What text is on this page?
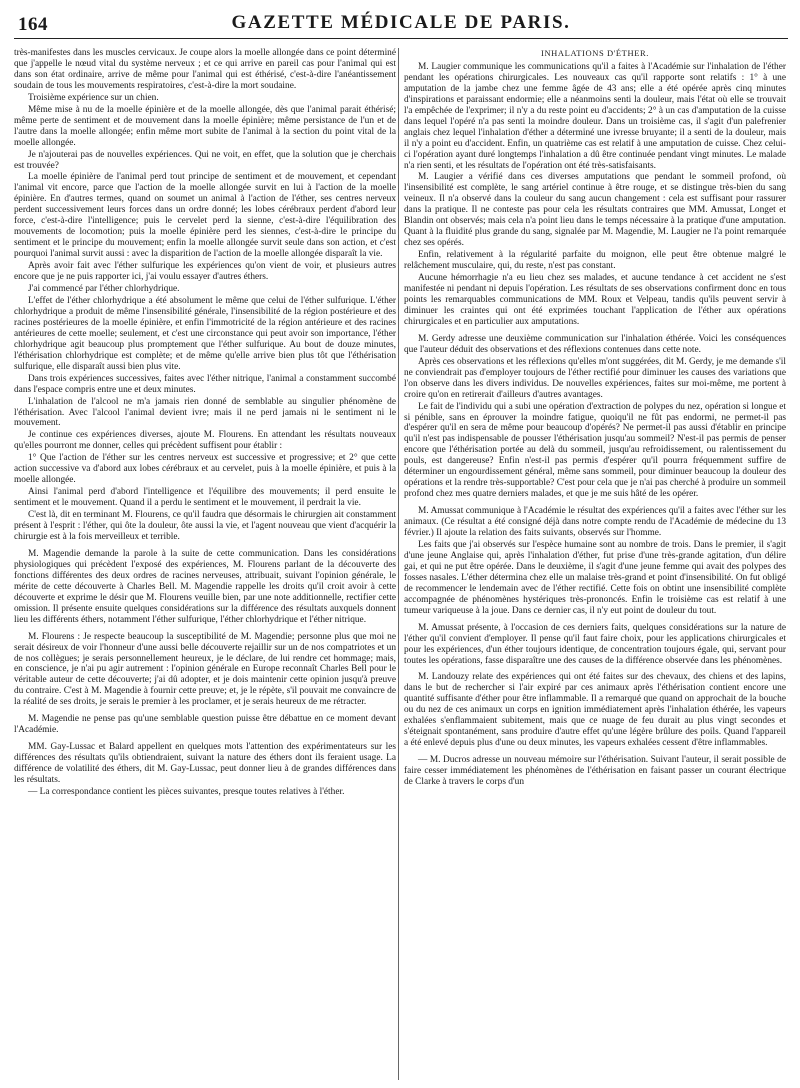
164	GAZETTE MÉDICALE DE PARIS.

très-manifestes dans les muscles cervicaux. Je coupe alors la moelle allongée dans ce point déterminé que j'appelle le nœud vital du système nerveux ; et ce qui arrive en pareil cas pour l'animal qui est dans son état ordinaire, arrive de même pour l'animal qui est éthérisé, c'est-à-dire l'anéantissement soudain de tous les mouvements respiratoires, c'est-à-dire la mort soudaine.

Troisième expérience sur un chien.

Même mise à nu de la moelle épinière et de la moelle allongée, dès que l'animal parait éthérisé; même perte de sentiment et de mouvement dans la moelle épinière; même persistance de l'un et de l'autre dans la moelle allongée; enfin même mort subite de l'animal à la section du point vital de la moelle allongée.

Je n'ajouterai pas de nouvelles expériences. Qui ne voit, en effet, que la solution que je cherchais est trouvée?

La moelle épinière de l'animal perd tout principe de sentiment et de mouvement, et cependant l'animal vit encore, parce que l'action de la moelle allongée survit en lui à l'action de la moelle épinière. En d'autres termes, quand on soumet un animal à l'action de l'éther, ses centres nerveux perdent successivement leurs forces dans un ordre donné; les lobes cérébraux perdent d'abord leur force, c'est-à-dire l'intelligence; puis le cervelet perd la sienne, c'est-à-dire l'équilibration des mouvements de locomotion; puis la moelle épinière perd les siennes, c'est-à-dire le principe du sentiment et le principe du mouvement; enfin la moelle allongée survit seule dans son action, et c'est pourquoi l'animal survit aussi : avec la disparition de l'action de la moelle allongée disparaît la vie.

Après avoir fait avec l'éther sulfurique les expériences qu'on vient de voir, et plusieurs autres encore que je ne puis rapporter ici, j'ai voulu essayer d'autres éthers.

J'ai commencé par l'éther chlorhydrique.

L'effet de l'éther chlorhydrique a été absolument le même que celui de l'éther sulfurique. L'éther chlorhydrique a produit de même l'insensibilité générale, l'insensibilité de la région postérieure et des racines postérieures de la moelle épinière, et enfin l'immotricité de la région antérieure et des racines antérieures de cette moelle; seulement, et c'est une circonstance qui peut avoir son importance, l'éther chlorhydrique agit beaucoup plus promptement que l'éther sulfurique. Au bout de douze minutes, l'éthérisation chlorhydrique est complète; et de même qu'elle arrive bien plus tôt que l'éthérisation sulfurique, elle disparaît aussi bien plus vite.

Dans trois expériences successives, faites avec l'éther nitrique, l'animal a constamment succombé dans l'espace compris entre une et deux minutes.

L'inhalation de l'alcool ne m'a jamais rien donné de semblable au singulier phénomène de l'éthérisation. Avec l'alcool l'animal devient ivre; mais il ne perd jamais ni le sentiment ni le mouvement.

Je continue ces expériences diverses, ajoute M. Flourens. En attendant les résultats nouveaux qu'elles pourront me donner, celles qui précèdent suffisent pour établir :

1° Que l'action de l'éther sur les centres nerveux est successive et progressive; et 2° que cette action successive va d'abord aux lobes cérébraux et au cervelet, puis à la moelle épinière, et puis à la moelle allongée.

Ainsi l'animal perd d'abord l'intelligence et l'équilibre des mouvements; il perd ensuite le sentiment et le mouvement. Quand il a perdu le sentiment et le mouvement, il perdrait la vie.

C'est là, dit en terminant M. Flourens, ce qu'il faudra que désormais le chirurgien ait constamment présent à l'esprit : l'éther, qui ôte la douleur, ôte aussi la vie, et l'agent nouveau que vient d'acquérir la chirurgie est à la fois merveilleux et terrible.

M. Magendie demande la parole à la suite de cette communication. Dans les considérations physiologiques qui précèdent l'exposé des expériences, M. Flourens parlant de la découverte des fonctions différentes des deux ordres de racines nerveuses, attribuait, suivant l'opinion générale, le mérite de cette découverte à Charles Bell. M. Magendie rappelle les droits qu'il croit avoir à cette découverte et exprime le désir que M. Flourens veuille bien, par une note additionnelle, rectifier cette omission. Il présente ensuite quelques considérations sur la différence des résultats auxquels donnent lieu les différents éthers, notamment l'éther sulfurique, l'éther chlorhydrique et l'éther nitrique.

M. Flourens : Je respecte beaucoup la susceptibilité de M. Magendie; personne plus que moi ne serait désireux de voir l'honneur d'une aussi belle découverte rejaillir sur un de nos compatriotes et un de nos collègues; je serais personnellement heureux, je le déclare, de lui rendre cet hommage; mais, en conscience, je n'ai pu agir autrement : l'opinion générale en Europe reconnaît Charles Bell pour le véritable auteur de cette découverte; j'ai dû adopter, et je dois maintenir cette opinion jusqu'à preuve du contraire. C'est à M. Magendie à fournir cette preuve; et, je le répète, s'il pouvait me convaincre de la réalité de ses droits, je serais le premier à les proclamer, et je serais heureux de me rétracter.

M. Magendie ne pense pas qu'une semblable question puisse être débattue en ce moment devant l'Académie.

MM. Gay-Lussac et Balard appellent en quelques mots l'attention des expérimentateurs sur les différences des résultats qu'ils obtiendraient, suivant la nature des éthers dont ils feraient usage. La différence de volatilité des éthers, dit M. Gay-Lussac, peut donner lieu à de grandes différences dans les résultats.

— La correspondance contient les pièces suivantes, presque toutes relatives à l'éther.

INHALATIONS D'ÉTHER.

M. Laugier communique les communications qu'il a faites à l'Académie sur l'inhalation de l'éther pendant les opérations chirurgicales. Les nouveaux cas qu'il rapporte sont relatifs : 1° à une amputation de la jambe chez une femme âgée de 43 ans; elle a été opérée après cinq minutes d'inspirations et paraissant endormie; elle a néanmoins senti la douleur, mais l'état où elle se trouvait l'a empêchée de l'exprimer; il n'y a du reste point eu d'accidents; 2° à un cas d'amputation de la cuisse dans lequel l'opéré n'a pas senti la moindre douleur. Dans un troisième cas, il s'agit d'un palefrenier anglais chez lequel l'inhalation d'éther a déterminé une ivresse bruyante; il a senti de la douleur, mais il n'y a point eu d'accident. Enfin, un quatrième cas est relatif à une amputation de cuisse. Chez celui-ci l'opération ayant duré longtemps l'inhalation a dû être continuée pendant vingt minutes. Le malade n'a rien senti, et les résultats de l'opération ont été très-satisfaisants.

M. Laugier a vérifié dans ces diverses amputations que pendant le sommeil profond, où l'insensibilité est complète, le sang artériel continue à être rouge, et se distingue très-bien du sang veineux. Il n'a observé dans la couleur du sang aucun changement : cela est suffisant pour rassurer dans la pratique. Il ne conteste pas pour cela les résultats contraires que MM. Amussat, Longet et Blandin ont observés; mais cela n'a point lieu dans le temps nécessaire à la pratique d'une amputation. Quant à la fluidité plus grande du sang, signalée par M. Magendie, M. Laugier ne l'a point remarquée chez ses opérés.

Enfin, relativement à la régularité parfaite du moignon, elle peut être obtenue malgré le relâchement musculaire, qui, du reste, n'est pas constant.

Aucune hémorrhagie n'a eu lieu chez ses malades, et aucune tendance à cet accident ne s'est manifestée ni pendant ni depuis l'opération. Les résultats de ses observations confirment donc en tous points les remarquables communications de MM. Roux et Velpeau, tandis qu'ils peuvent servir à diminuer les craintes qui ont été exprimées touchant l'application de l'éther aux opérations chirurgicales et en particulier aux amputations.

M. Gerdy adresse une deuxième communication sur l'inhalation éthérée. Voici les conséquences que l'auteur déduit des observations et des réflexions contenues dans cette note.

Après ces observations et les réflexions qu'elles m'ont suggérées, dit M. Gerdy, je me demande s'il ne conviendrait pas d'employer toujours de l'éther rectifié pour diminuer les causes des variations que l'on observe dans les divers individus. De nouvelles expériences, faites sur moi-même, me portent à croire qu'on en retirerait d'ailleurs d'autres avantages.

Le fait de l'individu qui a subi une opération d'extraction de polypes du nez, opération si longue et si pénible, sans en éprouver la moindre fatigue, quoiqu'il ne fût pas endormi, ne permet-il pas d'espérer qu'il en sera de même pour beaucoup d'opérés? Ne permet-il pas aussi d'établir en principe qu'il n'est pas indispensable de pousser l'éthérisation jusqu'au sommeil? N'est-il pas permis de penser encore que l'éthérisation portée au delà du sommeil, jusqu'au refroidissement, ou ralentissement du pouls, est dangereuse? Enfin n'est-il pas permis d'espérer qu'il pourra fréquemment suffire de déterminer un engourdissement général, même sans sommeil, pour diminuer beaucoup la douleur des opérations et la rendre très-supportable? C'est pour cela que je n'ai pas cherché à produire un sommeil profond chez mes quatre derniers malades, et que je me suis hâté de les opérer.

M. Amussat communique à l'Académie le résultat des expériences qu'il a faites avec l'éther sur les animaux. (Ce résultat a été consigné déjà dans notre compte rendu de l'Académie de médecine du 13 février.) Il ajoute la relation des faits suivants, observés sur l'homme.

Les faits que j'ai observés sur l'espèce humaine sont au nombre de trois. Dans le premier, il s'agit d'une jeune Anglaise qui, après l'inhalation d'éther, fut prise d'une très-grande agitation, d'un délire gai, et qui ne put être opérée. Dans le deuxième, il s'agit d'une jeune femme qui avait des polypes des fosses nasales. L'éther détermina chez elle un malaise très-grand et point d'insensibilité. On fut obligé de recommencer le lendemain avec de l'éther rectifié. Cette fois on obtint une insensibilité complète accompagnée de phénomènes hystériques très-prononcés. Enfin le troisième cas est relatif à une tumeur variqueuse à la joue. Dans ce dernier cas, il n'y eut point de douleur du tout.

M. Amussat présente, à l'occasion de ces derniers faits, quelques considérations sur la nature de l'éther qu'il convient d'employer. Il pense qu'il faut faire choix, pour les applications chirurgicales et pour les expériences, d'un éther toujours identique, de concentration toujours égale, qui, servant pour toutes les opérations, fasse disparaître une des causes de la différence observée dans les phénomènes.

M. Landouzy relate des expériences qui ont été faites sur des chevaux, des chiens et des lapins, dans le but de rechercher si l'air expiré par ces animaux après l'éthérisation contient encore une quantité suffisante d'éther pour être inflammable. Il a remarqué que quand on approchait de la bouche ou du nez de ces animaux un corps en ignition immédiatement après l'inhalation éthérée, les vapeurs exhalées s'enflammaient subitement, mais que ce nuage de feu durait au plus vingt secondes et s'éteignait spontanément, sans produire d'autre effet qu'une légère brûlure des poils. Quand l'appareil a été enlevé depuis plus d'une ou deux minutes, les vapeurs exhalées cessent d'être inflammables.

— M. Ducros adresse un nouveau mémoire sur l'éthérisation. Suivant l'auteur, il serait possible de faire cesser immédiatement les phénomènes de l'éthérisation en faisant passer un courant électrique de Clarke à travers le corps d'un
